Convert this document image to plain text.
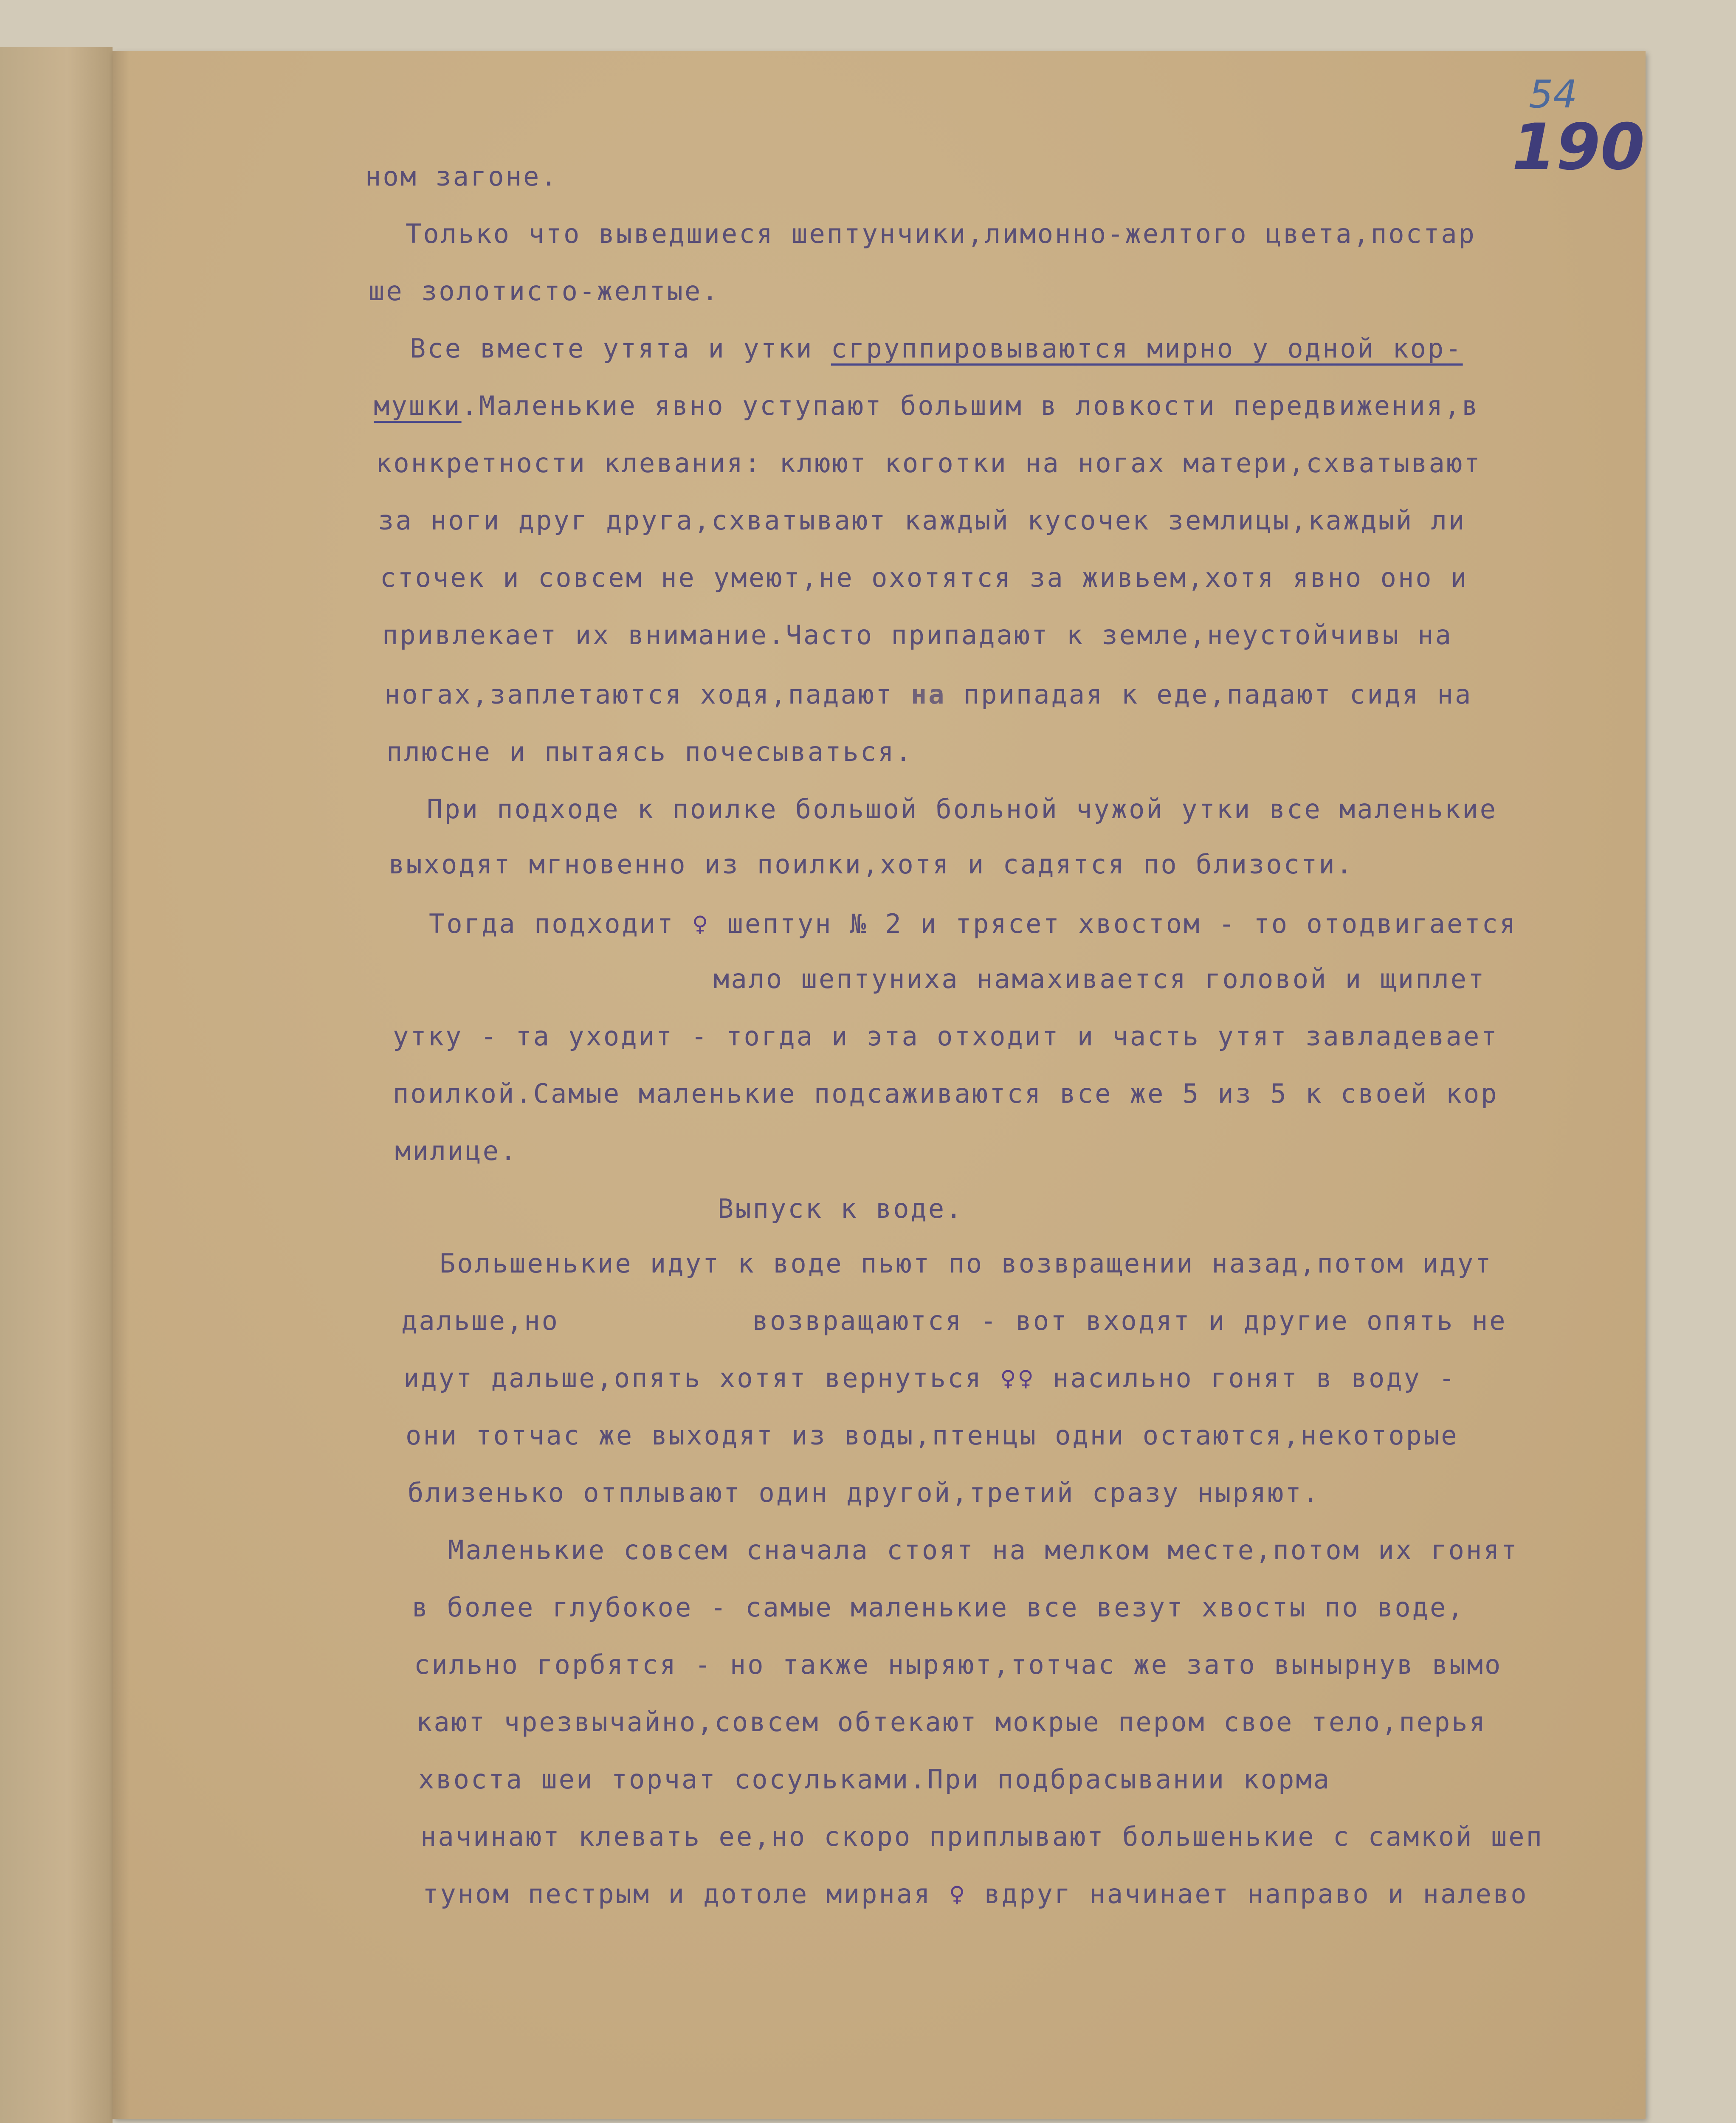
54
190
ном загоне.
Только что выведшиеся шептунчики,лимонно-желтого цвета,постар
ше золотисто-желтые.
Все вместе утята и утки сгруппировываются мирно у одной кор-
мушки.Маленькие явно уступают большим в ловкости передвижения,в
конкретности клевания: клюют коготки на ногах матери,схватывают
за ноги друг друга,схватывают каждый кусочек землицы,каждый ли
сточек и совсем не умеют,не охотятся за живьем,хотя явно оно и
привлекает их внимание.Часто припадают к земле,неустойчивы на
ногах,заплетаются ходя,падают на припадая к еде,падают сидя на
плюсне и пытаясь почесываться.
При подходе к поилке большой больной чужой утки все маленькие
выходят мгновенно из поилки,хотя и садятся по близости.
Тогда подходит ♀ шептун № 2 и трясет хвостом - то отодвигается
мало шептуниха намахивается головой и щиплет
утку - та уходит - тогда и эта отходит и часть утят завладевает
поилкой.Самые маленькие подсаживаются все же 5 из 5 к своей кор
милице.
Выпуск к воде.
Большенькие идут к воде пьют по возвращении назад,потом идут
дальше,но           возвращаются - вот входят и другие опять не
идут дальше,опять хотят вернуться ♀♀ насильно гонят в воду -
они тотчас же выходят из воды,птенцы одни остаются,некоторые
близенько отплывают один другой,третий сразу ныряют.
Маленькие совсем сначала стоят на мелком месте,потом их гонят
в более глубокое - самые маленькие все везут хвосты по воде,
сильно горбятся - но также ныряют,тотчас же зато вынырнув вымо
кают чрезвычайно,совсем обтекают мокрые пером свое тело,перья
хвоста шеи торчат сосульками.При подбрасывании корма
начинают клевать ее,но скоро приплывают большенькие с самкой шеп
туном пестрым и дотоле мирная ♀ вдруг начинает направо и налево
